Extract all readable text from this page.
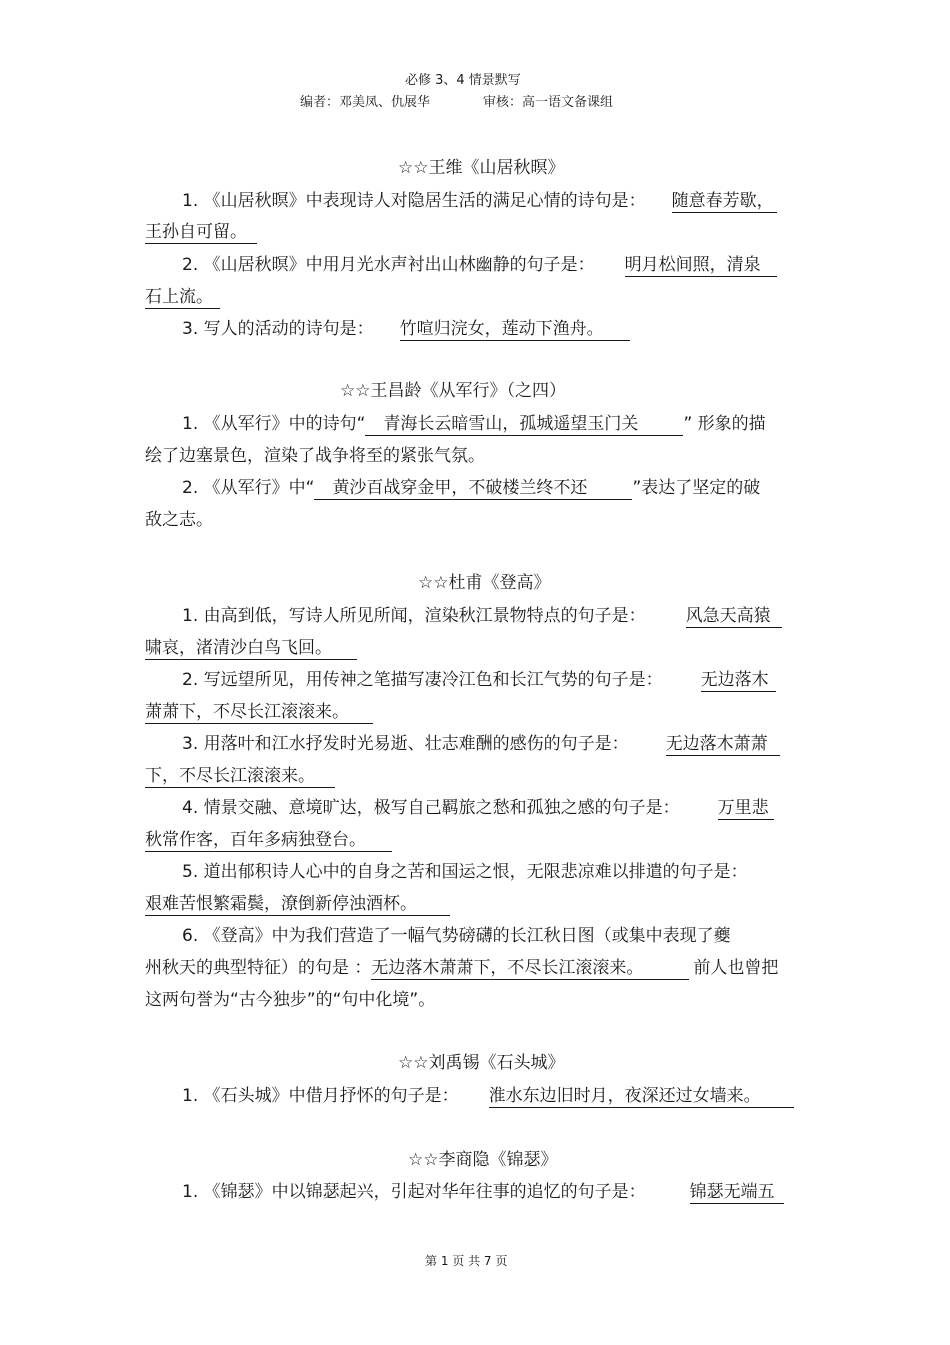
必修 3、4 情景默写
编者：邓美凤、仇展华	审核：高一语文备课组
☆☆王维《山居秋暝》
1. 《山居秋暝》中表现诗人对隐居生活的满足心情的诗句是： 随意春芳歇，
王孙自可留。
2. 《山居秋暝》中用月光水声衬出山林幽静的句子是： 明月松间照，清泉
石上流。
3. 写人的活动的诗句是： 竹喧归浣女，莲动下渔舟。
☆☆王昌龄《从军行》（之四）
1. 《从军行》中的诗句“ 青海长云暗雪山，孤城遥望玉门关	” 形象的描
绘了边塞景色，渲染了战争将至的紧张气氛。
2. 《从军行》中“ 黄沙百战穿金甲，不破楼兰终不还	”表达了坚定的破
敌之志。
☆☆杜甫《登高》
1. 由高到低，写诗人所见所闻，渲染秋江景物特点的句子是： 风急天高猿
啸哀，渚清沙白鸟飞回。
2. 写远望所见，用传神之笔描写凄冷江色和长江气势的句子是： 无边落木
萧萧下，不尽长江滚滚来。
3. 用落叶和江水抒发时光易逝、壮志难酬的感伤的句子是： 无边落木萧萧
下，不尽长江滚滚来。
4. 情景交融、意境旷达，极写自己羁旅之愁和孤独之感的句子是： 万里悲
秋常作客，百年多病独登台。
5. 道出郁积诗人心中的自身之苦和国运之恨，无限悲凉难以排遣的句子是：
艰难苦恨繁霜鬓，潦倒新停浊酒杯。
6. 《登高》中为我们营造了一幅气势磅礴的长江秋日图（或集中表现了夔
州秋天的典型特征）的句是 ：无边落木萧萧下，不尽长江滚滚来。	前人也曾把
这两句誉为“古今独步”的“句中化境”。
☆☆刘禹锡《石头城》
1. 《石头城》中借月抒怀的句子是： 淮水东边旧时月，夜深还过女墙来。
☆☆李商隐《锦瑟》
1. 《锦瑟》中以锦瑟起兴，引起对华年往事的追忆的句子是：	锦瑟无端五
第 1 页 共 7 页
